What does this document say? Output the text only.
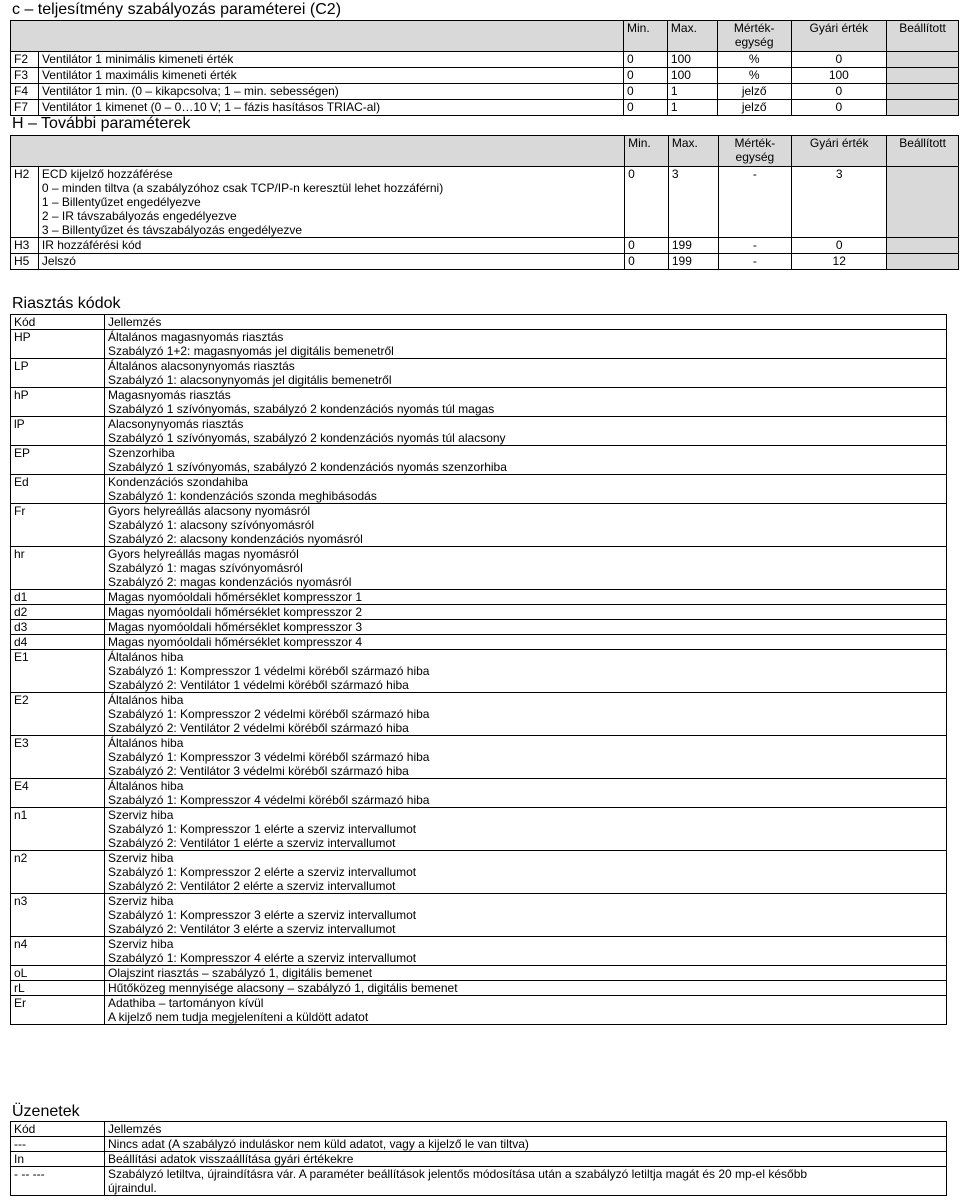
c – teljesítmény szabályozás paraméterei (C2)
		Min.	Max.	Mérték-egység	Gyári érték	Beállított
F2	Ventilátor 1 minimális kimeneti érték	0	100	%	0	
F3	Ventilátor 1 maximális kimeneti érték	0	100	%	100	
F4	Ventilátor 1 min. (0 – kikapcsolva; 1 – min. sebességen)	0	1	jelző	0	
F7	Ventilátor 1 kimenet (0 – 0…10 V; 1 – fázis hasításos TRIAC-al)	0	1	jelző	0	
H – További paraméterek
		Min.	Max.	Mérték-egység	Gyári érték	Beállított
H2	ECD kijelző hozzáférése
0 – minden tiltva (a szabályzóhoz csak TCP/IP-n keresztül lehet hozzáférni)
1 – Billentyűzet engedélyezve
2 – IR távszabályozás engedélyezve
3 – Billentyűzet és távszabályozás engedélyezve	0	3	-	3	
H3	IR hozzáférési kód	0	199	-	0	
H5	Jelszó	0	199	-	12	
Riasztás kódok
Kód	Jellemzés
HP	Általános magasnyomás riasztás
Szabályzó 1+2: magasnyomás jel digitális bemenetről

LP	Általános alacsonynyomás riasztás
Szabályzó 1: alacsonynyomás jel digitális bemenetről

hP	Magasnyomás riasztás
Szabályzó 1 szívónyomás, szabályzó 2 kondenzációs nyomás túl magas

lP	Alacsonynyomás riasztás
Szabályzó 1 szívónyomás, szabályzó 2 kondenzációs nyomás túl alacsony

EP	Szenzorhiba
Szabályzó 1 szívónyomás, szabályzó 2 kondenzációs nyomás szenzorhiba

Ed	Kondenzációs szondahiba
Szabályzó 1: kondenzációs szonda meghibásodás

Fr	Gyors helyreállás alacsony nyomásról
Szabályzó 1: alacsony szívónyomásról
Szabályzó 2: alacsony kondenzációs nyomásról

hr	Gyors helyreállás magas nyomásról
Szabályzó 1: magas szívónyomásról
Szabályzó 2: magas kondenzációs nyomásról

d1	Magas nyomóoldali hőmérséklet kompresszor 1

d2	Magas nyomóoldali hőmérséklet kompresszor 2

d3	Magas nyomóoldali hőmérséklet kompresszor 3

d4	Magas nyomóoldali hőmérséklet kompresszor 4

E1	Általános hiba
Szabályzó 1: Kompresszor 1 védelmi köréből származó hiba
Szabályzó 2: Ventilátor 1 védelmi köréből származó hiba

E2	Általános hiba
Szabályzó 1: Kompresszor 2 védelmi köréből származó hiba
Szabályzó 2: Ventilátor 2 védelmi köréből származó hiba

E3	Általános hiba
Szabályzó 1: Kompresszor 3 védelmi köréből származó hiba
Szabályzó 2: Ventilátor 3 védelmi köréből származó hiba

E4	Általános hiba
Szabályzó 1: Kompresszor 4 védelmi köréből származó hiba

n1	Szerviz hiba
Szabályzó 1: Kompresszor 1 elérte a szerviz intervallumot
Szabályzó 2: Ventilátor 1 elérte a szerviz intervallumot

n2	Szerviz hiba
Szabályzó 1: Kompresszor 2 elérte a szerviz intervallumot
Szabályzó 2: Ventilátor 2 elérte a szerviz intervallumot

n3	Szerviz hiba
Szabályzó 1: Kompresszor 3 elérte a szerviz intervallumot
Szabályzó 2: Ventilátor 3 elérte a szerviz intervallumot

n4	Szerviz hiba
Szabályzó 1: Kompresszor 4 elérte a szerviz intervallumot

oL	Olajszint riasztás – szabályzó 1, digitális bemenet

rL	Hűtőközeg mennyisége alacsony – szabályzó 1, digitális bemenet

Er	Adathiba – tartományon kívül
A kijelző nem tudja megjeleníteni a küldött adatot
Üzenetek
Kód	Jellemzés
---	Nincs adat (A szabályzó induláskor nem küld adatot, vagy a kijelző le van tiltva)

In	Beállítási adatok visszaállítása gyári értékekre

- -- ---	Szabályzó letiltva, újraindításra vár. A paraméter beállítások jelentős módosítása után a szabályzó letiltja magát és 20 mp-el később
újraindul.
